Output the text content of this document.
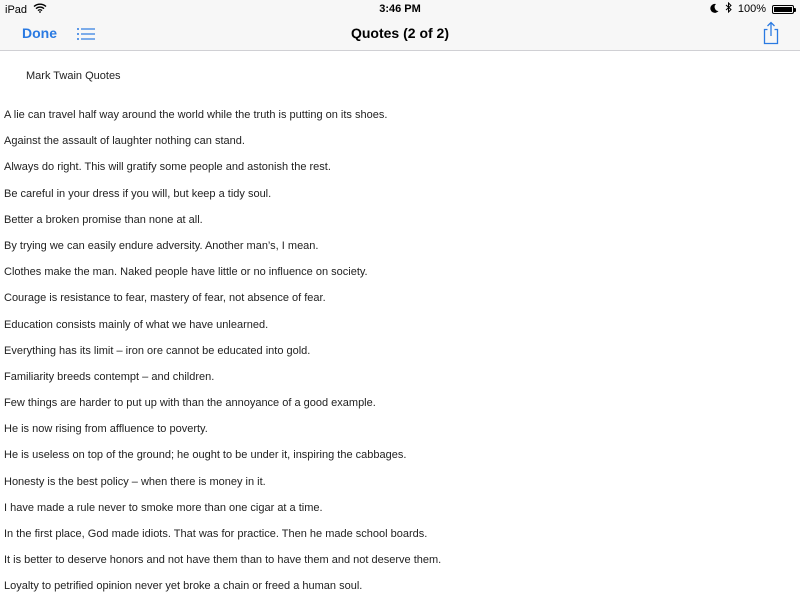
iPad	3:46 PM	100%
Done	Quotes (2 of 2)
Mark Twain Quotes
A lie can travel half way around the world while the truth is putting on its shoes.
Against the assault of laughter nothing can stand.
Always do right. This will gratify some people and astonish the rest.
Be careful in your dress if you will, but keep a tidy soul.
Better a broken promise than none at all.
By trying we can easily endure adversity. Another man’s, I mean.
Clothes make the man. Naked people have little or no influence on society.
Courage is resistance to fear, mastery of fear, not absence of fear.
Education consists mainly of what we have unlearned.
Everything has its limit – iron ore cannot be educated into gold.
Familiarity breeds contempt – and children.
Few things are harder to put up with than the annoyance of a good example.
He is now rising from affluence to poverty.
He is useless on top of the ground; he ought to be under it, inspiring the cabbages.
Honesty is the best policy – when there is money in it.
I have made a rule never to smoke more than one cigar at a time.
In the first place, God made idiots. That was for practice. Then he made school boards.
It is better to deserve honors and not have them than to have them and not deserve them.
Loyalty to petrified opinion never yet broke a chain or freed a human soul.
